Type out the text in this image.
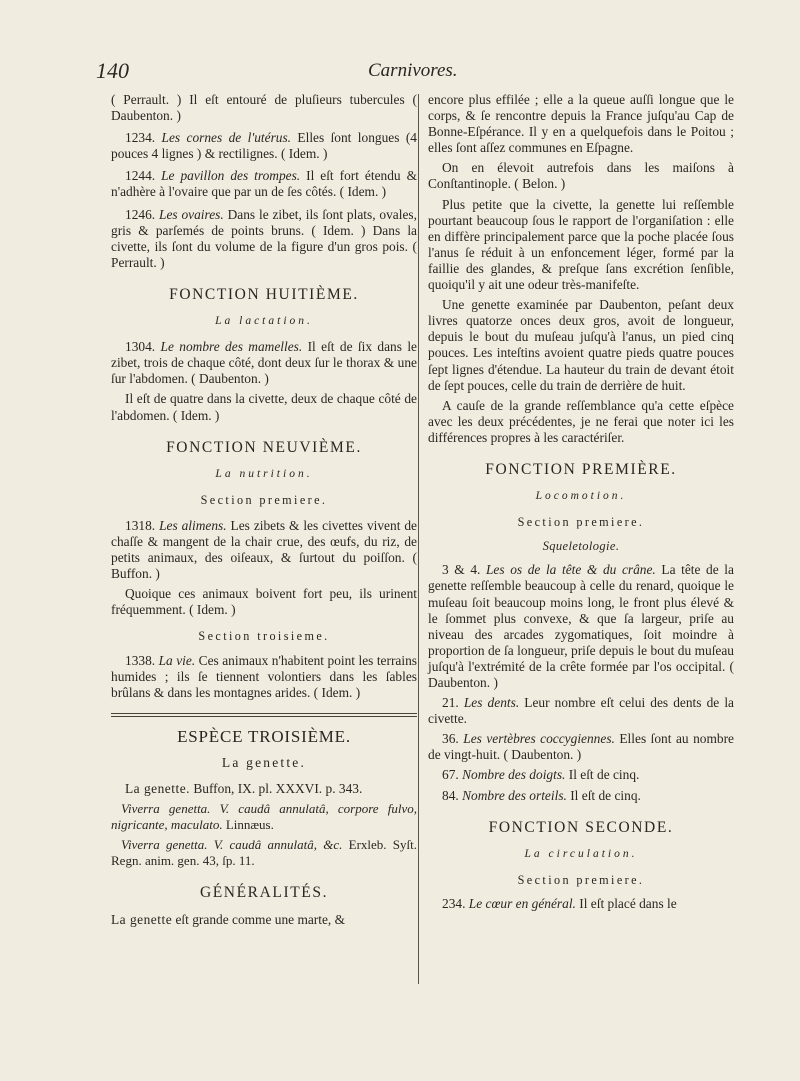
140	Carnivores.

( Perrault. ) Il eſt entouré de pluſieurs tubercules ( Daubenton. )

1234. Les cornes de l'utérus. Elles ſont longues (4 pouces 4 lignes ) & rectilignes. ( Idem. )

1244. Le pavillon des trompes. Il eſt fort étendu & n'adhère à l'ovaire que par un de ſes côtés. ( Idem. )

1246. Les ovaires. Dans le zibet, ils ſont plats, ovales, gris & parſemés de points bruns. ( Idem. ) Dans la civette, ils ſont du volume de la figure d'un gros pois. ( Perrault. )

FONCTION HUITIÈME.
La lactation.

1304. Le nombre des mamelles. Il eſt de ſix dans le zibet, trois de chaque côté, dont deux ſur le thorax & une ſur l'abdomen. ( Daubenton. )

Il eſt de quatre dans la civette, deux de chaque côté de l'abdomen. ( Idem. )

FONCTION NEUVIÈME.
La nutrition.
Section premiere.

1318. Les alimens. Les zibets & les civettes vivent de chaſſe & mangent de la chair crue, des œufs, du riz, de petits animaux, des oiſeaux, & ſurtout du poiſſon. ( Buffon. )

Quoique ces animaux boivent fort peu, ils urinent fréquemment. ( Idem. )

Section troisieme.

1338. La vie. Ces animaux n'habitent point les terrains humides ; ils ſe tiennent volontiers dans les ſables brûlans & dans les montagnes arides. ( Idem. )

ESPÈCE TROISIÈME.
La genette.

La genette. Buffon, IX. pl. XXXVI. p. 343.

Viverra genetta. V. caudâ annulatâ, corpore fulvo, nigricante, maculato. Linnæus.

Viverra genetta. V. caudâ annulatâ, &c. Erxleb. Syſt. Regn. anim. gen. 43, ſp. 11.

GÉNÉRALITÉS.

La genette eſt grande comme une marte, &

encore plus effilée ; elle a la queue auſſi longue que le corps, & ſe rencontre depuis la France juſqu'au Cap de Bonne-Eſpérance. Il y en a quelquefois dans le Poitou ; elles ſont aſſez communes en Eſpagne.

On en élevoit autrefois dans les maiſons à Conſtantinople. ( Belon. )

Plus petite que la civette, la genette lui reſſemble pourtant beaucoup ſous le rapport de l'organiſation : elle en diffère principalement parce que la poche placée ſous l'anus ſe réduit à un enfoncement léger, formé par la faillie des glandes, & preſque ſans excrétion ſenſible, quoiqu'il y ait une odeur très-manifeſte.

Une genette examinée par Daubenton, peſant deux livres quatorze onces deux gros, avoit de longueur, depuis le bout du muſeau juſqu'à l'anus, un pied cinq pouces. Les inteſtins avoient quatre pieds quatre pouces ſept lignes d'étendue. La hauteur du train de devant étoit de ſept pouces, celle du train de derrière de huit.

A cauſe de la grande reſſemblance qu'a cette eſpèce avec les deux précédentes, je ne ferai que noter ici les différences propres à les caractériſer.

FONCTION PREMIÈRE.
Locomotion.
Section premiere.
Squeletologie.

3 & 4. Les os de la tête & du crâne. La tête de la genette reſſemble beaucoup à celle du renard, quoique le muſeau ſoit beaucoup moins long, le front plus élevé & le ſommet plus convexe, & que ſa largeur, priſe au niveau des arcades zygomatiques, ſoit moindre à proportion de ſa longueur, priſe depuis le bout du muſeau juſqu'à l'extrémité de la crête formée par l'os occipital. ( Daubenton. )

21. Les dents. Leur nombre eſt celui des dents de la civette.

36. Les vertèbres coccygiennes. Elles ſont au nombre de vingt-huit. ( Daubenton. )

67. Nombre des doigts. Il eſt de cinq.

84. Nombre des orteils. Il eſt de cinq.

FONCTION SECONDE.
La circulation.
Section premiere.

234. Le cœur en général. Il eſt placé dans le
